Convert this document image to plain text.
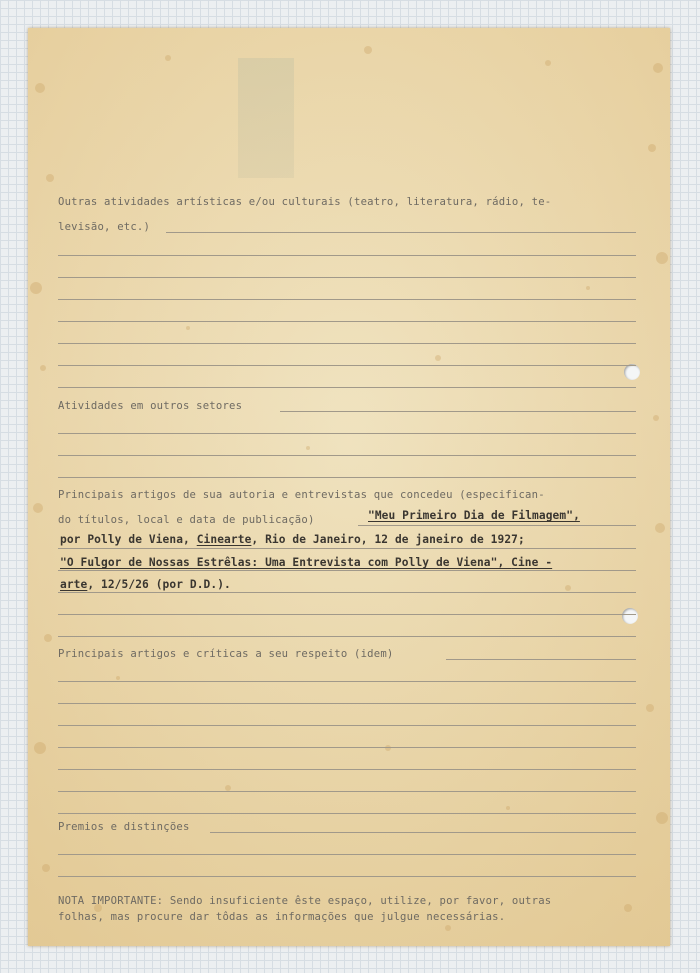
Outras atividades artísticas e/ou culturais (teatro, literatura, rádio, te-
levisão, etc.)
Atividades em outros setores
Principais artigos de sua autoria e entrevistas que concedeu (especifican-
do títulos, local e data de publicação)	"Meu Primeiro Dia de Filmagem",
por Polly de Viena, Cinearte, Rio de Janeiro, 12 de janeiro de 1927;
"O Fulgor de Nossas Estrêlas: Uma Entrevista com Polly de Viena", Cine -
arte, 12/5/26 (por D.D.).
Principais artigos e críticas a seu respeito (idem)
Premios e distinções
NOTA IMPORTANTE: Sendo insuficiente êste espaço, utilize, por favor, outras
folhas, mas procure dar tôdas as informações que julgue necessárias.
